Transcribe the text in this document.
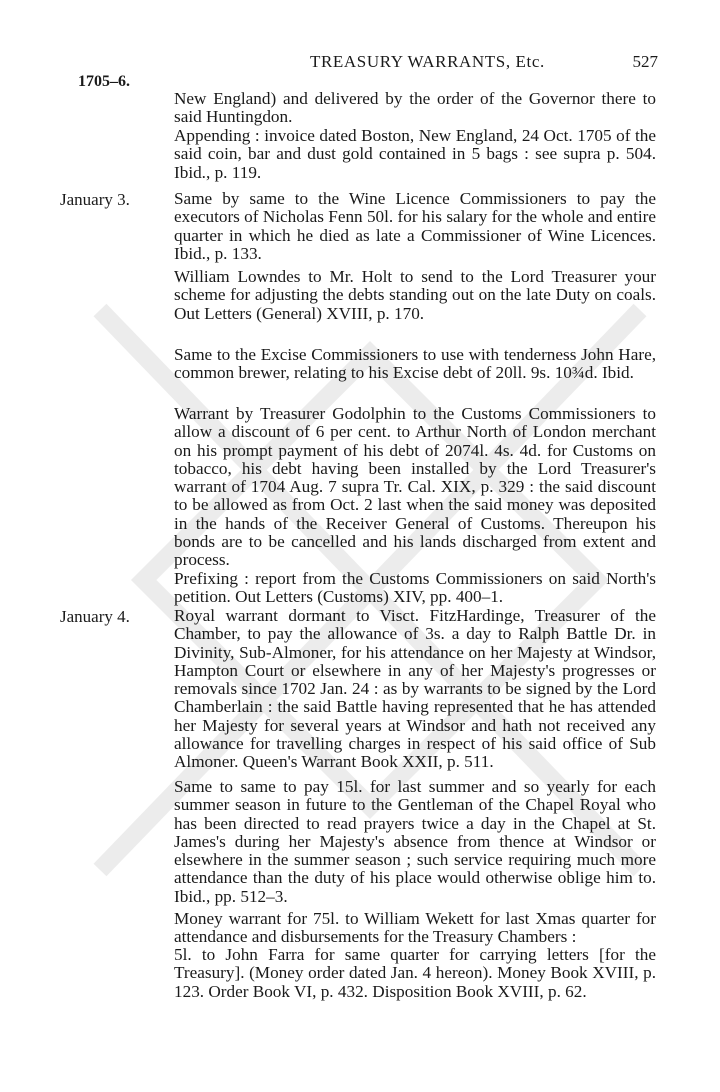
TREASURY WARRANTS, Etc.	527
1705–6.
New England) and delivered by the order of the Governor there to said Huntingdon.
Appending : invoice dated Boston, New England, 24 Oct. 1705 of the said coin, bar and dust gold contained in 5 bags : see supra p. 504. Ibid., p. 119.
January 3.	Same by same to the Wine Licence Commissioners to pay the executors of Nicholas Fenn 50l. for his salary for the whole and entire quarter in which he died as late a Commissioner of Wine Licences. Ibid., p. 133.
William Lowndes to Mr. Holt to send to the Lord Treasurer your scheme for adjusting the debts standing out on the late Duty on coals. Out Letters (General) XVIII, p. 170.
Same to the Excise Commissioners to use with tenderness John Hare, common brewer, relating to his Excise debt of 20ll. 9s. 10¾d. Ibid.
Warrant by Treasurer Godolphin to the Customs Commissioners to allow a discount of 6 per cent. to Arthur North of London merchant on his prompt payment of his debt of 2074l. 4s. 4d. for Customs on tobacco, his debt having been installed by the Lord Treasurer's warrant of 1704 Aug. 7 supra Tr. Cal. XIX, p. 329 : the said discount to be allowed as from Oct. 2 last when the said money was deposited in the hands of the Receiver General of Customs. Thereupon his bonds are to be cancelled and his lands discharged from extent and process.
Prefixing : report from the Customs Commissioners on said North's petition. Out Letters (Customs) XIV, pp. 400–1.
January 4.	Royal warrant dormant to Visct. FitzHardinge, Treasurer of the Chamber, to pay the allowance of 3s. a day to Ralph Battle Dr. in Divinity, Sub-Almoner, for his attendance on her Majesty at Windsor, Hampton Court or elsewhere in any of her Majesty's progresses or removals since 1702 Jan. 24 : as by warrants to be signed by the Lord Chamberlain : the said Battle having represented that he has attended her Majesty for several years at Windsor and hath not received any allowance for travelling charges in respect of his said office of Sub Almoner. Queen's Warrant Book XXII, p. 511.
Same to same to pay 15l. for last summer and so yearly for each summer season in future to the Gentleman of the Chapel Royal who has been directed to read prayers twice a day in the Chapel at St. James's during her Majesty's absence from thence at Windsor or elsewhere in the summer season ; such service requiring much more attendance than the duty of his place would otherwise oblige him to. Ibid., pp. 512–3.
Money warrant for 75l. to William Wekett for last Xmas quarter for attendance and disbursements for the Treasury Chambers :
5l. to John Farra for same quarter for carrying letters [for the Treasury]. (Money order dated Jan. 4 hereon). Money Book XVIII, p. 123. Order Book VI, p. 432. Disposition Book XVIII, p. 62.
